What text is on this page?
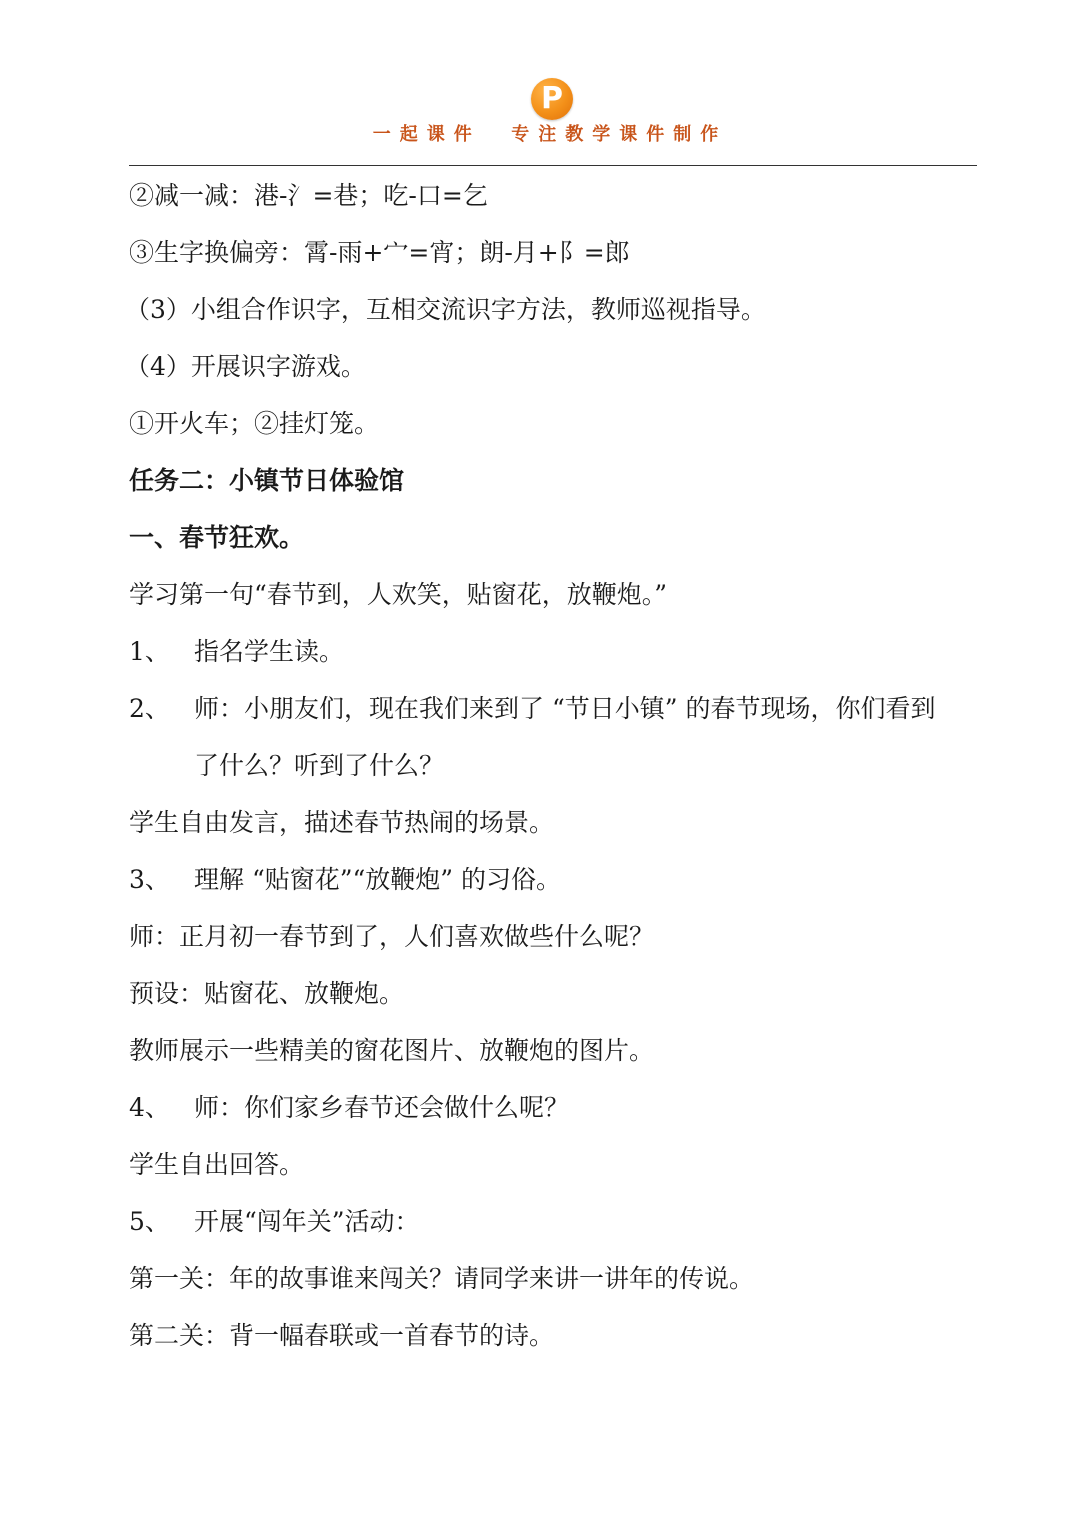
P
一起课件  专注教学课件制作
②减一减：港-氵=巷；吃-口=乞
③生字换偏旁：霄-雨+宀=宵；朗-月+阝=郎
（3）小组合作识字，互相交流识字方法，教师巡视指导。
（4）开展识字游戏。
①开火车；②挂灯笼。
任务二：小镇节日体验馆
一、春节狂欢。
学习第一句“春节到，人欢笑，贴窗花，放鞭炮。”
1、 指名学生读。
2、 师：小朋友们，现在我们来到了 “节日小镇” 的春节现场，你们看到
了什么？听到了什么？
学生自由发言，描述春节热闹的场景。
3、 理解 “贴窗花”“放鞭炮” 的习俗。
师：正月初一春节到了，人们喜欢做些什么呢？
预设：贴窗花、放鞭炮。
教师展示一些精美的窗花图片、放鞭炮的图片。
4、 师：你们家乡春节还会做什么呢？
学生自出回答。
5、 开展“闯年关”活动：
第一关：年的故事谁来闯关？请同学来讲一讲年的传说。
第二关：背一幅春联或一首春节的诗。
